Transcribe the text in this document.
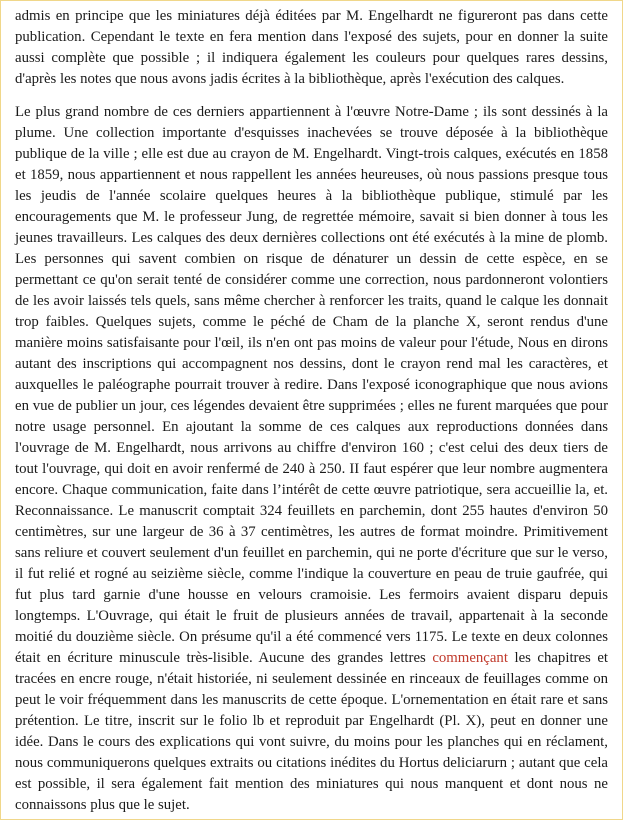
admis en principe que les miniatures déjà éditées par M. Engelhardt ne figureront pas dans cette publication. Cependant le texte en fera mention dans l'exposé des sujets, pour en donner la suite aussi complète que possible ; il indiquera également les couleurs pour quelques rares dessins, d'après les notes que nous avons jadis écrites à la bibliothèque, après l'exécution des calques.

Le plus grand nombre de ces derniers appartiennent à l'œuvre Notre-Dame ; ils sont dessinés à la plume. Une collection importante d'esquisses inachevées se trouve déposée à la bibliothèque publique de la ville ; elle est due au crayon de M. Engelhardt. Vingt-trois calques, exécutés en 1858 et 1859, nous appartiennent et nous rappellent les années heureuses, où nous passions presque tous les jeudis de l'année scolaire quelques heures à la bibliothèque publique, stimulé par les encouragements que M. le professeur Jung, de regrettée mémoire, savait si bien donner à tous les jeunes travailleurs. Les calques des deux dernières collections ont été exécutés à la mine de plomb. Les personnes qui savent combien on risque de dénaturer un dessin de cette espèce, en se permettant ce qu'on serait tenté de considérer comme une correction, nous pardonneront volontiers de les avoir laissés tels quels, sans même chercher à renforcer les traits, quand le calque les donnait trop faibles. Quelques sujets, comme le péché de Cham de la planche X, seront rendus d'une manière moins satisfaisante pour l'œil, ils n'en ont pas moins de valeur pour l'étude, Nous en dirons autant des inscriptions qui accompagnent nos dessins, dont le crayon rend mal les caractères, et auxquelles le paléographe pourrait trouver à redire. Dans l'exposé iconographique que nous avions en vue de publier un jour, ces légendes devaient être supprimées ; elles ne furent marquées que pour notre usage personnel. En ajoutant la somme de ces calques aux reproductions données dans l'ouvrage de M. Engelhardt, nous arrivons au chiffre d'environ 160 ; c'est celui des deux tiers de tout l'ouvrage, qui doit en avoir renfermé de 240 à 250. II faut espérer que leur nombre augmentera encore. Chaque communication, faite dans l’intérêt de cette œuvre patriotique, sera accueillie la, et. Reconnaissance. Le manuscrit comptait 324 feuillets en parchemin, dont 255 hautes d'environ 50 centimètres, sur une largeur de 36 à 37 centimètres, les autres de format moindre. Primitivement sans reliure et couvert seulement d'un feuillet en parchemin, qui ne porte d'écriture que sur le verso, il fut relié et rogné au seizième siècle, comme l'indique la couverture en peau de truie gaufrée, qui fut plus tard garnie d'une housse en velours cramoisie. Les fermoirs avaient disparu depuis longtemps. L'Ouvrage, qui était le fruit de plusieurs années de travail, appartenait à la seconde moitié du douzième siècle. On présume qu'il a été commencé vers 1175. Le texte en deux colonnes était en écriture minuscule très-lisible. Aucune des grandes lettres commençant les chapitres et tracées en encre rouge, n'était historiée, ni seulement dessinée en rinceaux de feuillages comme on peut le voir fréquemment dans les manuscrits de cette époque. L'ornementation en était rare et sans prétention. Le titre, inscrit sur le folio lb et reproduit par Engelhardt (Pl. X), peut en donner une idée. Dans le cours des explications qui vont suivre, du moins pour les planches qui en réclament, nous communiquerons quelques extraits ou citations inédites du Hortus deliciarurn ; autant que cela est possible, il sera également fait mention des miniatures qui nous manquent et dont nous ne connaissons plus que le sujet.
